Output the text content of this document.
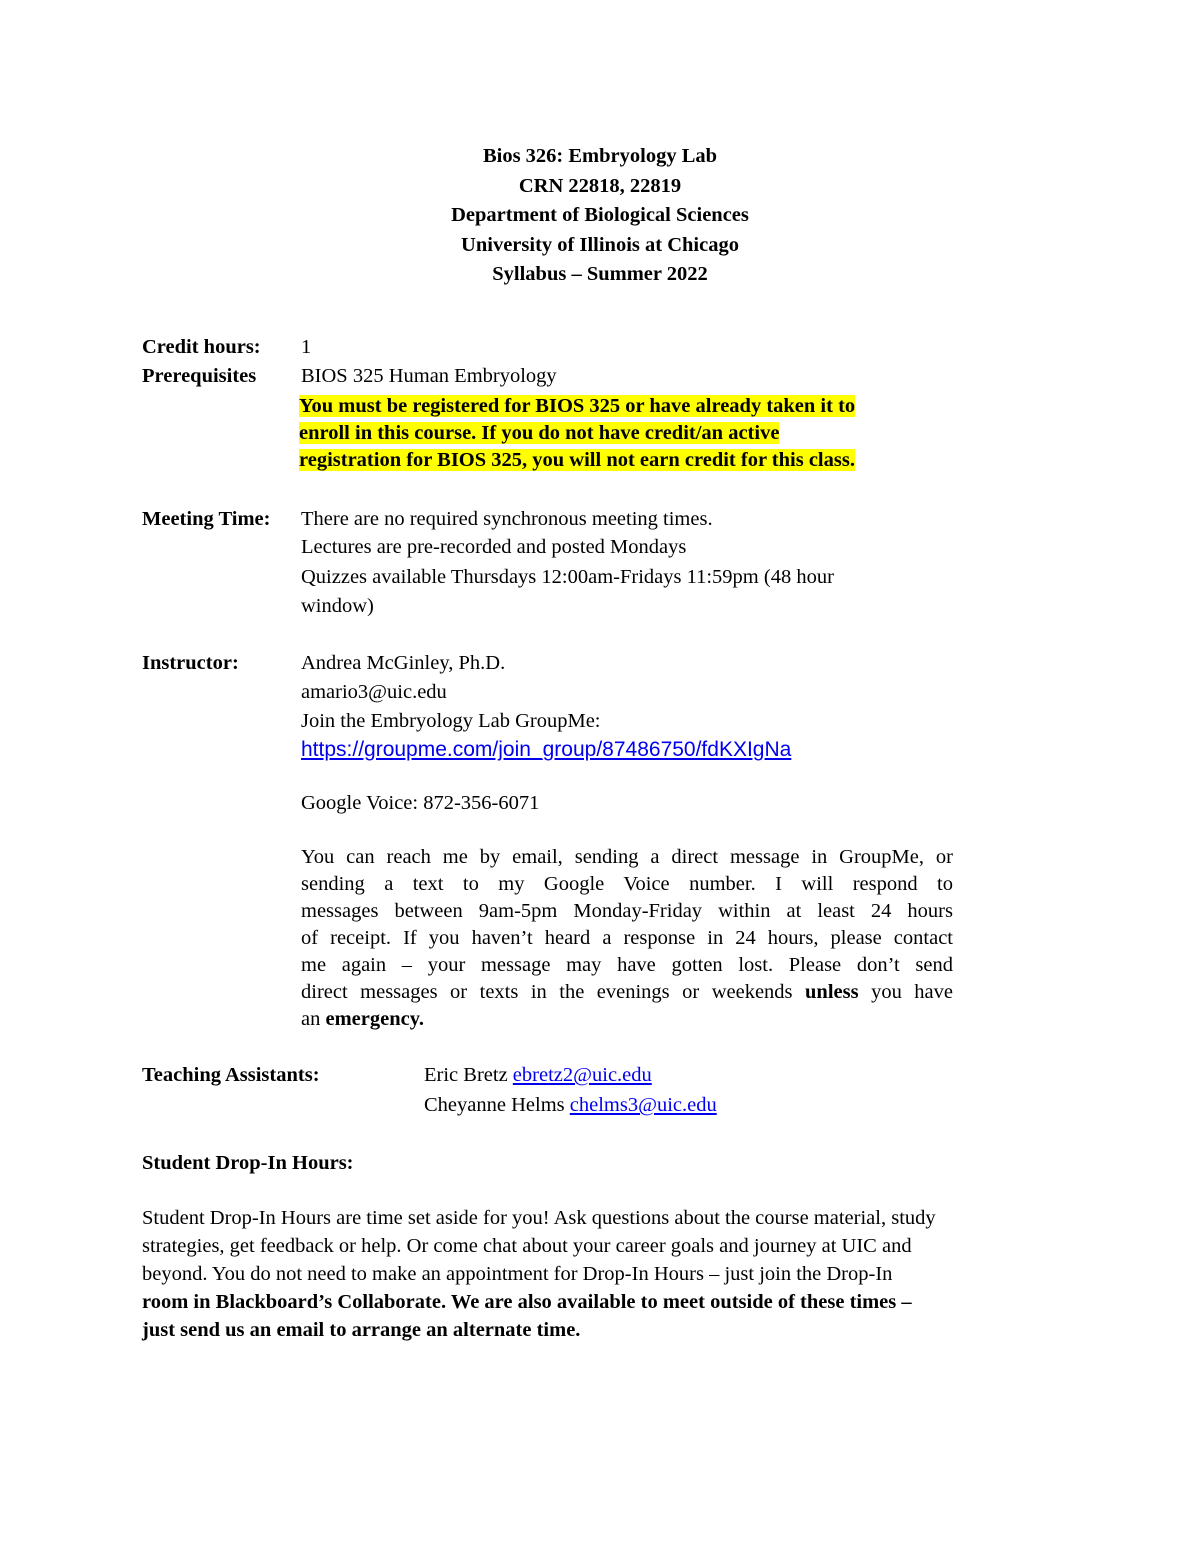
Bios 326: Embryology Lab
CRN 22818, 22819
Department of Biological Sciences
University of Illinois at Chicago
Syllabus – Summer 2022
Credit hours: 1
Prerequisites BIOS 325 Human Embryology
You must be registered for BIOS 325 or have already taken it to
enroll in this course. If you do not have credit/an active
registration for BIOS 325, you will not earn credit for this class.
Meeting Time: There are no required synchronous meeting times.
Lectures are pre-recorded and posted Mondays
Quizzes available Thursdays 12:00am-Fridays 11:59pm (48 hour
window)
Instructor:	Andrea McGinley, Ph.D.
amario3@uic.edu
Join the Embryology Lab GroupMe:
https://groupme.com/join_group/87486750/fdKXIgNa
Google Voice: 872-356-6071
You can reach me by email, sending a direct message in GroupMe, or
sending a text to my Google Voice number. I will respond to
messages between 9am-5pm Monday-Friday within at least 24 hours
of receipt. If you haven’t heard a response in 24 hours, please contact
me again – your message may have gotten lost. Please don’t send
direct messages or texts in the evenings or weekends unless you have
an emergency.
Teaching Assistants:	Eric Bretz ebretz2@uic.edu
Cheyanne Helms chelms3@uic.edu
Student Drop-In Hours:
Student Drop-In Hours are time set aside for you! Ask questions about the course material, study
strategies, get feedback or help. Or come chat about your career goals and journey at UIC and
beyond. You do not need to make an appointment for Drop-In Hours – just join the Drop-In
room in Blackboard’s Collaborate. We are also available to meet outside of these times –
just send us an email to arrange an alternate time.
